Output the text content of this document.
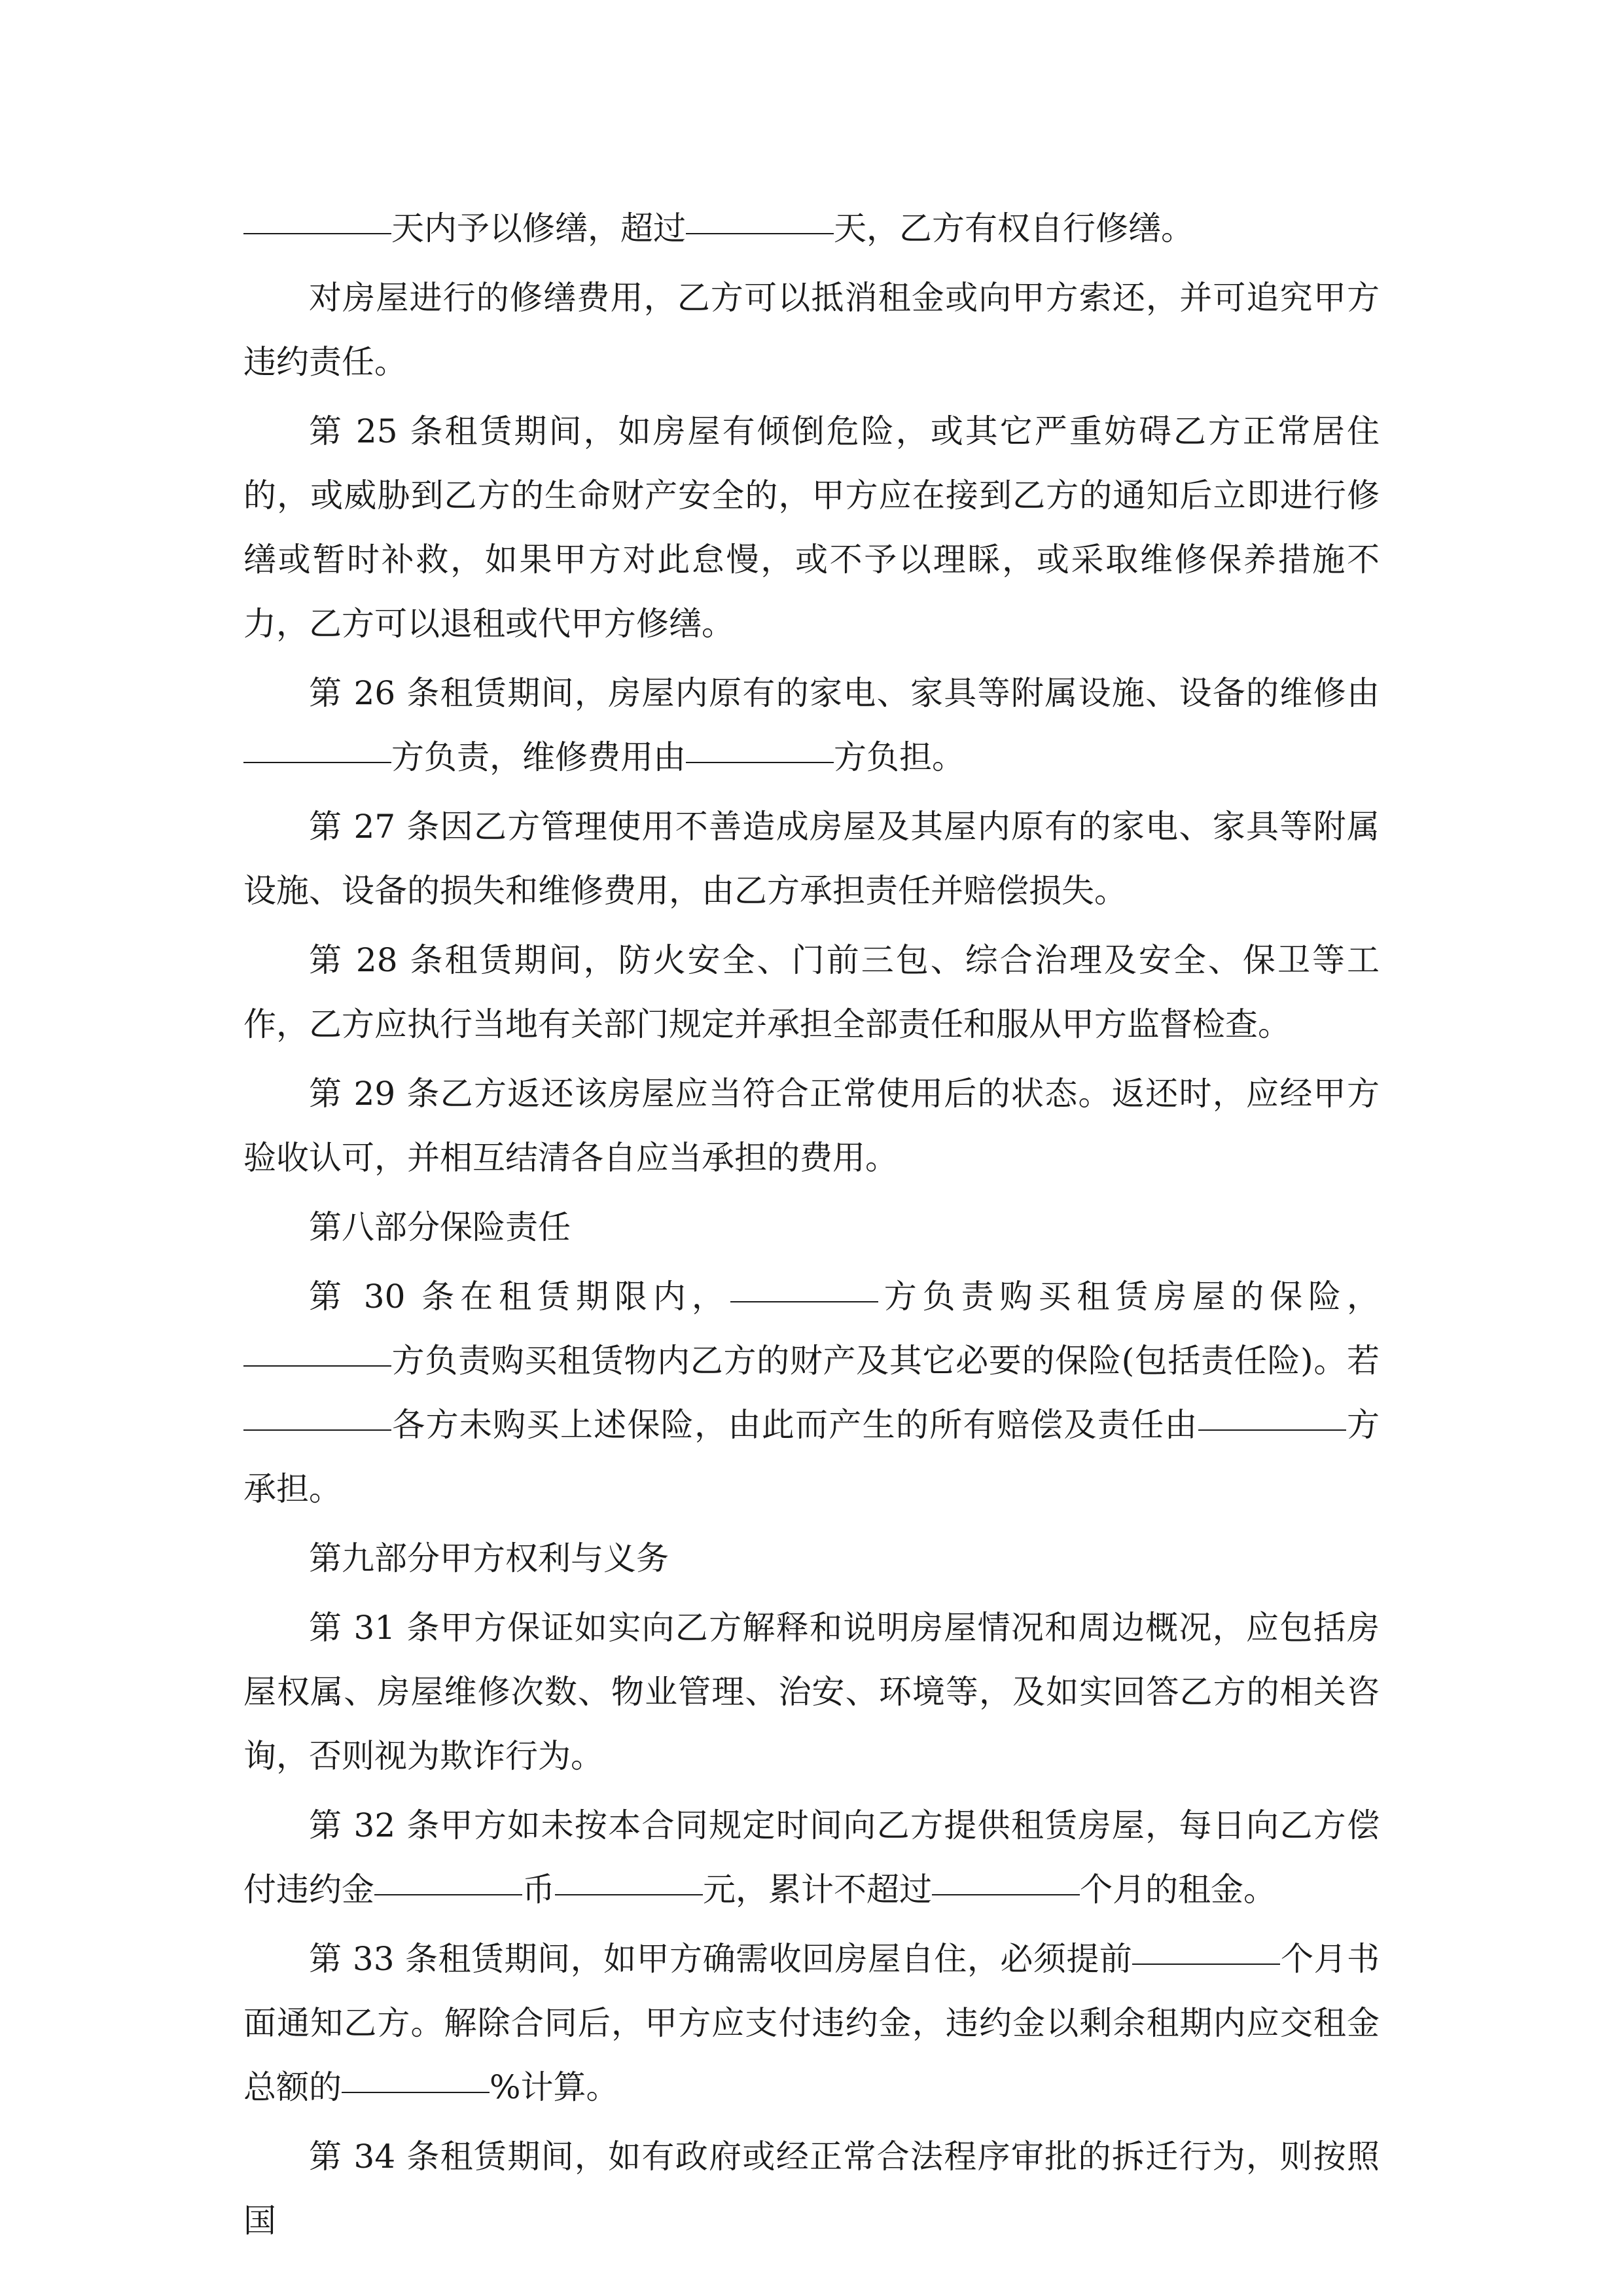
天内予以修缮，超过	天，乙方有权自行修缮。

对房屋进行的修缮费用，乙方可以抵消租金或向甲方索还，并可追究甲方违约责任。

第 25 条租赁期间，如房屋有倾倒危险，或其它严重妨碍乙方正常居住的，或威胁到乙方的生命财产安全的，甲方应在接到乙方的通知后立即进行修缮或暂时补救，如果甲方对此怠慢，或不予以理睬，或采取维修保养措施不力，乙方可以退租或代甲方修缮。

第 26 条租赁期间，房屋内原有的家电、家具等附属设施、设备的维修由方负责，维修费用由	方负担。

第 27 条因乙方管理使用不善造成房屋及其屋内原有的家电、家具等附属设施、设备的损失和维修费用，由乙方承担责任并赔偿损失。

第 28 条租赁期间，防火安全、门前三包、综合治理及安全、保卫等工作，乙方应执行当地有关部门规定并承担全部责任和服从甲方监督检查。

第 29 条乙方返还该房屋应当符合正常使用后的状态。返还时，应经甲方验收认可，并相互结清各自应当承担的费用。

第八部分保险责任

第 30 条在租赁期限内，	方负责购买租赁房屋的保险，方负责购买租赁物内乙方的财产及其它必要的保险(包括责任险)。若各方未购买上述保险，由此而产生的所有赔偿及责任由	方承担。

第九部分甲方权利与义务

第 31 条甲方保证如实向乙方解释和说明房屋情况和周边概况，应包括房屋权属、房屋维修次数、物业管理、治安、环境等，及如实回答乙方的相关咨询，否则视为欺诈行为。

第 32 条甲方如未按本合同规定时间向乙方提供租赁房屋，每日向乙方偿付违约金	币	元，累计不超过	个月的租金。

第 33 条租赁期间，如甲方确需收回房屋自住，必须提前	个月书面通知乙方。解除合同后，甲方应支付违约金，违约金以剩余租期内应交租金总额的	%计算。

第 34 条租赁期间，如有政府或经正常合法程序审批的拆迁行为，则按照国
